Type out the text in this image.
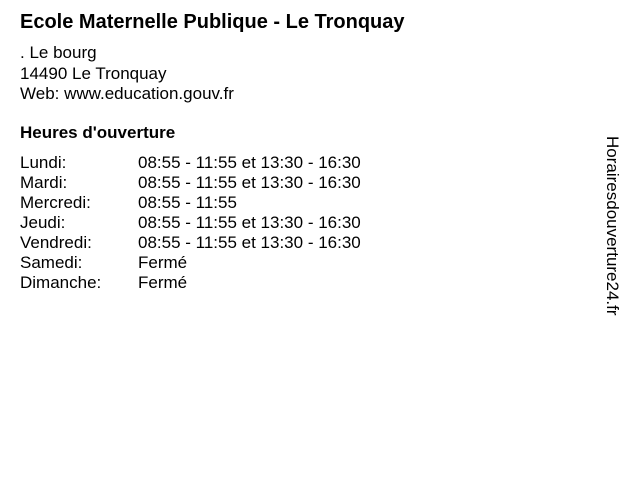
Ecole Maternelle Publique - Le Tronquay
. Le bourg
14490 Le Tronquay
Web: www.education.gouv.fr
Heures d'ouverture
Lundi:	08:55 - 11:55 et 13:30 - 16:30
Mardi:	08:55 - 11:55 et 13:30 - 16:30
Mercredi:	08:55 - 11:55
Jeudi:	08:55 - 11:55 et 13:30 - 16:30
Vendredi:	08:55 - 11:55 et 13:30 - 16:30
Samedi:	Fermé
Dimanche:	Fermé	Horairesdouverture24.fr
